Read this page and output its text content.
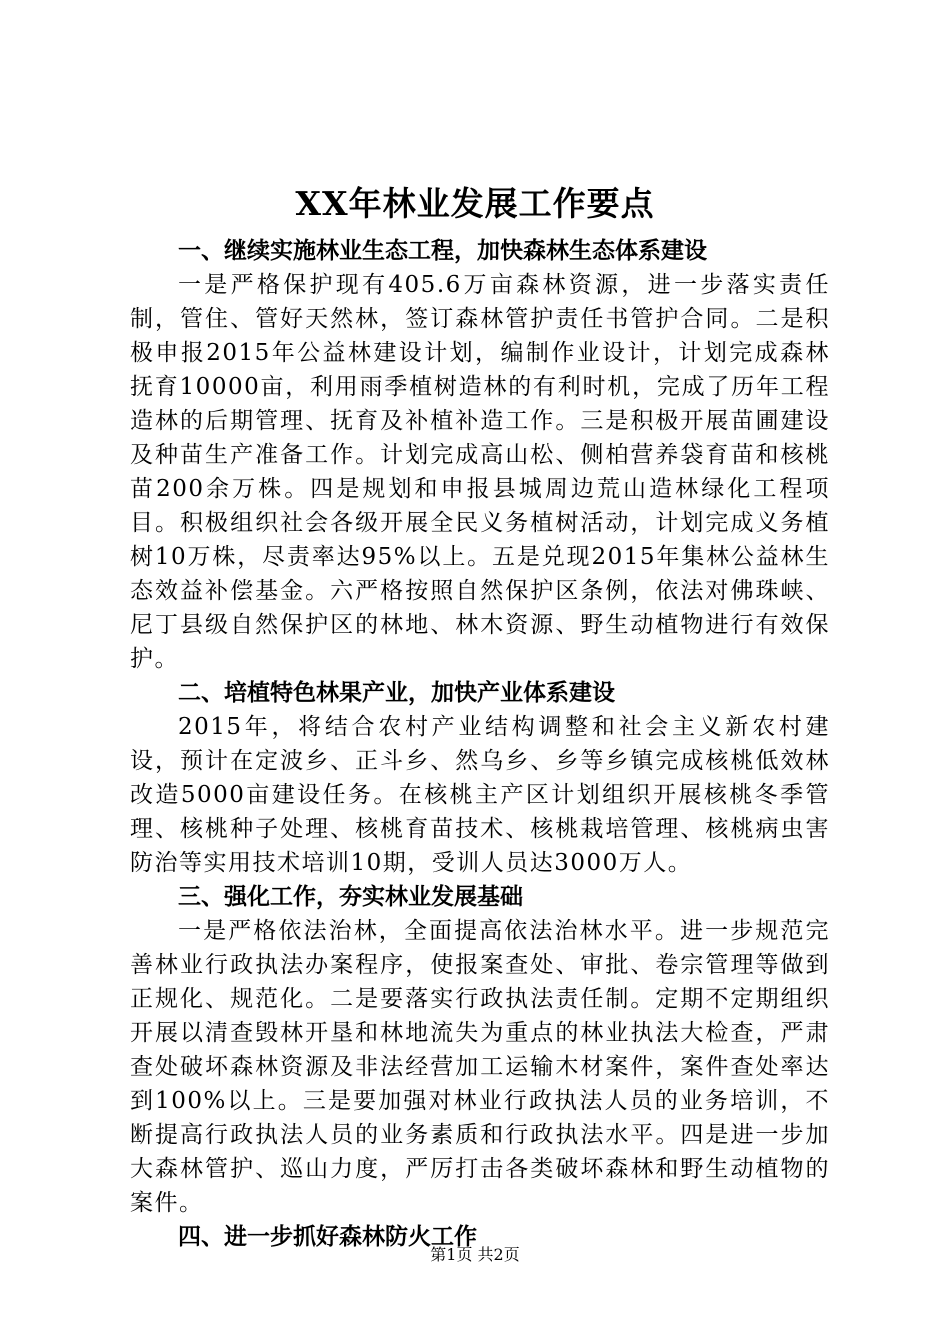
XX年林业发展工作要点

一、继续实施林业生态工程，加快森林生态体系建设

一是严格保护现有405.6万亩森林资源，进一步落实责任制，管住、管好天然林，签订森林管护责任书管护合同。二是积极申报2015年公益林建设计划，编制作业设计，计划完成森林抚育10000亩，利用雨季植树造林的有利时机，完成了历年工程造林的后期管理、抚育及补植补造工作。三是积极开展苗圃建设及种苗生产准备工作。计划完成高山松、侧柏营养袋育苗和核桃苗200余万株。四是规划和申报县城周边荒山造林绿化工程项目。积极组织社会各级开展全民义务植树活动，计划完成义务植树10万株，尽责率达95%以上。五是兑现2015年集林公益林生态效益补偿基金。六严格按照自然保护区条例，依法对佛珠峡、尼丁县级自然保护区的林地、林木资源、野生动植物进行有效保护。

二、培植特色林果产业，加快产业体系建设

2015年，将结合农村产业结构调整和社会主义新农村建设，预计在定波乡、正斗乡、然乌乡、乡等乡镇完成核桃低效林改造5000亩建设任务。在核桃主产区计划组织开展核桃冬季管理、核桃种子处理、核桃育苗技术、核桃栽培管理、核桃病虫害防治等实用技术培训10期，受训人员达3000万人。

三、强化工作，夯实林业发展基础

一是严格依法治林，全面提高依法治林水平。进一步规范完善林业行政执法办案程序，使报案查处、审批、卷宗管理等做到正规化、规范化。二是要落实行政执法责任制。定期不定期组织开展以清查毁林开垦和林地流失为重点的林业执法大检查，严肃查处破坏森林资源及非法经营加工运输木材案件，案件查处率达到100%以上。三是要加强对林业行政执法人员的业务培训，不断提高行政执法人员的业务素质和行政执法水平。四是进一步加大森林管护、巡山力度，严厉打击各类破坏森林和野生动植物的案件。

四、进一步抓好森林防火工作

第1页 共2页
